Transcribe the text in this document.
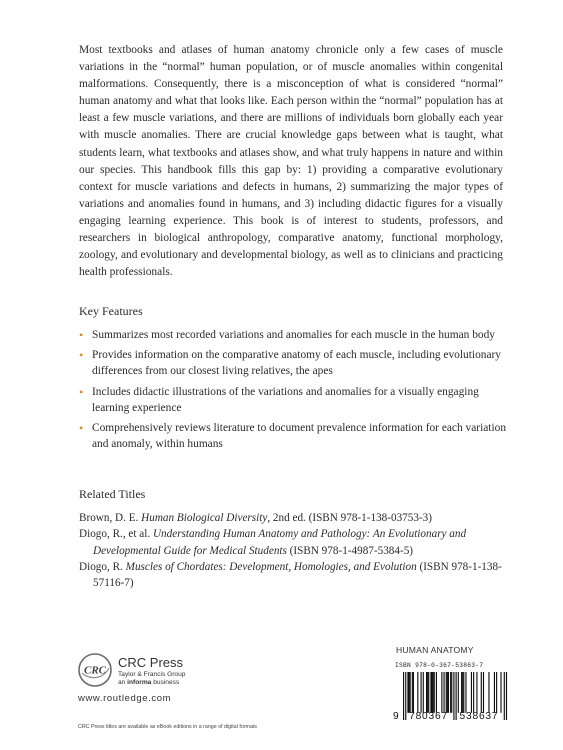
Most textbooks and atlases of human anatomy chronicle only a few cases of muscle variations in the “normal” human population, or of muscle anomalies within congenital malformations. Consequently, there is a misconception of what is considered “normal” human anatomy and what that looks like. Each person within the “normal” population has at least a few muscle variations, and there are millions of individuals born globally each year with muscle anomalies. There are crucial knowledge gaps between what is taught, what students learn, what textbooks and atlases show, and what truly happens in nature and within our species. This handbook fills this gap by: 1) providing a comparative evolutionary context for muscle variations and defects in humans, 2) summarizing the major types of variations and anomalies found in humans, and 3) including didactic figures for a visually engaging learning experience. This book is of interest to students, professors, and researchers in biological anthropology, comparative anatomy, functional morphology, zoology, and evolutionary and developmental biology, as well as to clinicians and practicing health professionals.

Key Features
• Summarizes most recorded variations and anomalies for each muscle in the human body
• Provides information on the comparative anatomy of each muscle, including evolutionary differences from our closest living relatives, the apes
• Includes didactic illustrations of the variations and anomalies for a visually engaging learning experience
• Comprehensively reviews literature to document prevalence information for each variation and anomaly, within humans
Related Titles
Brown, D. E. Human Biological Diversity, 2nd ed. (ISBN 978-1-138-03753-3)
Diogo, R., et al. Understanding Human Anatomy and Pathology: An Evolutionary and Developmental Guide for Medical Students (ISBN 978-1-4987-5384-5)
Diogo, R. Muscles of Chordates: Development, Homologies, and Evolution (ISBN 978-1-138-57116-7)
CRC

CRC Press

Taylor & Francis Group
an informa business
www.routledge.com
CRC Press titles are available as eBook editions in a range of digital formats
HUMAN ANATOMY
ISBN 978-0-367-53863-7
9 780367 538637
